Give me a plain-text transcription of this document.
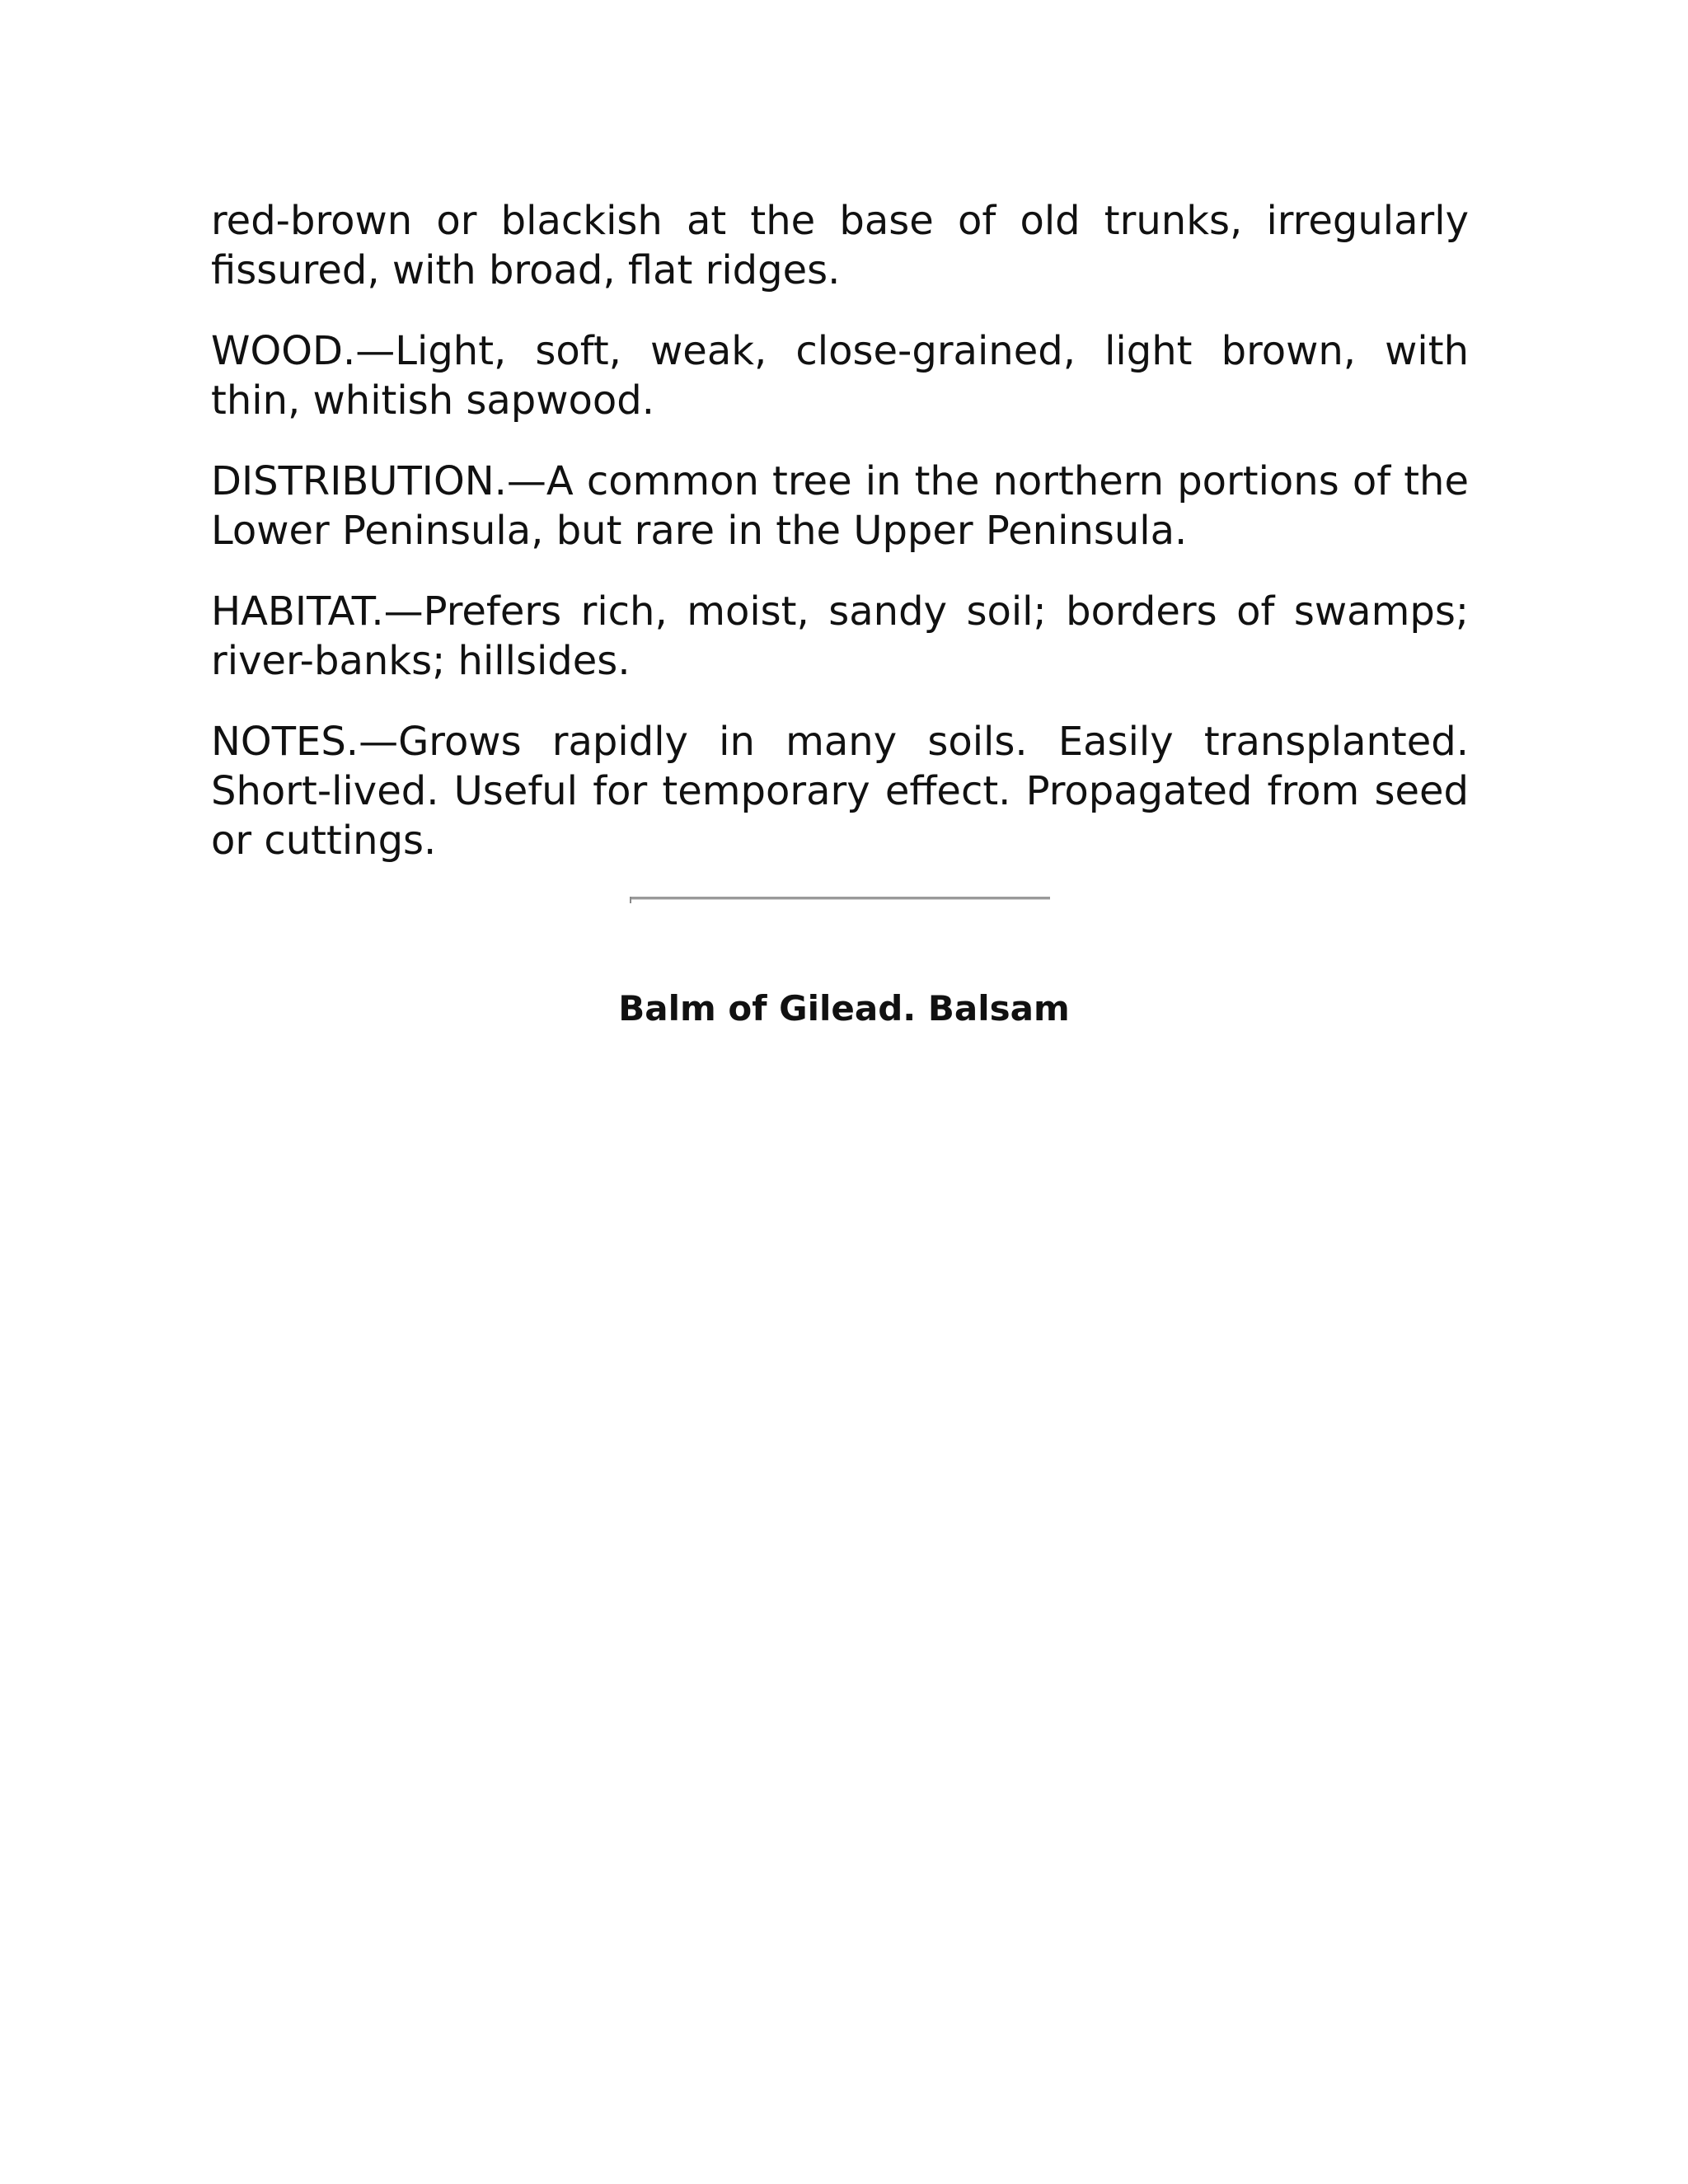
red-brown or blackish at the base of old trunks, irregularly fissured, with broad, flat ridges.

WOOD.—Light, soft, weak, close-grained, light brown, with thin, whitish sapwood.

DISTRIBUTION.—A common tree in the northern portions of the Lower Peninsula, but rare in the Upper Peninsula.

HABITAT.—Prefers rich, moist, sandy soil; borders of swamps; river-banks; hillsides.

NOTES.—Grows rapidly in many soils. Easily transplanted. Short-lived. Useful for temporary effect. Propagated from seed or cuttings.

Balm of Gilead. Balsam
